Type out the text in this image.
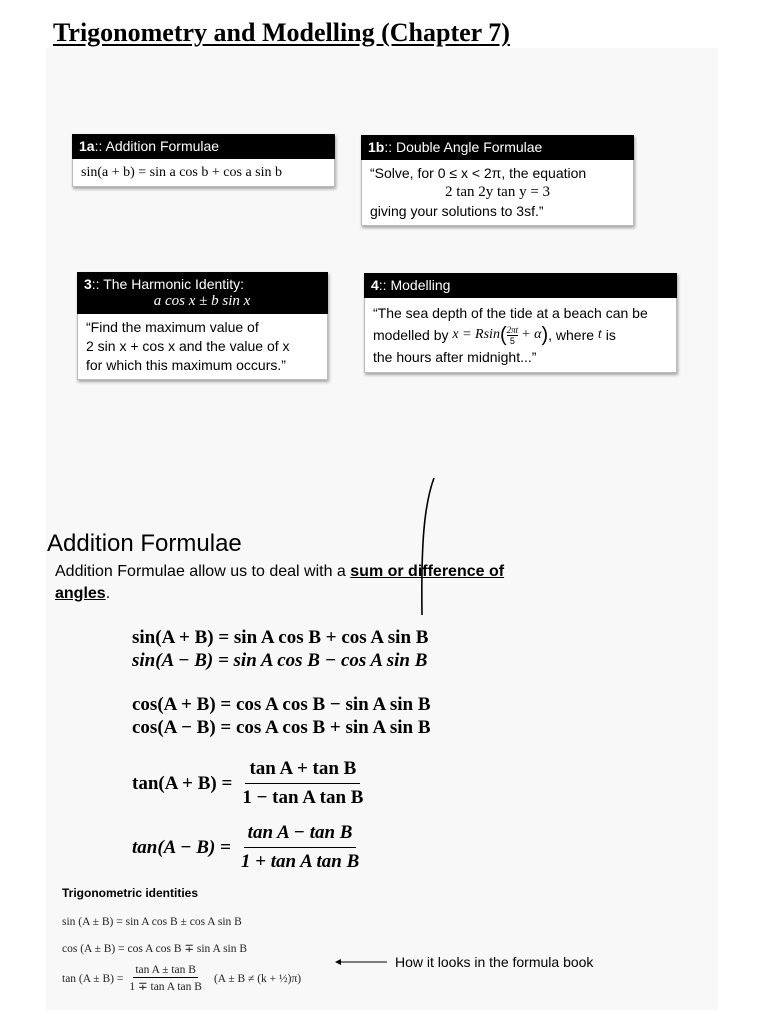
Trigonometry and Modelling (Chapter 7)
1a:: Addition Formulae
sin(a + b) = sin a cos b + cos a sin b
1b:: Double Angle Formulae
“Solve, for 0 ≤ x < 2π, the equation
2 tan 2y tan y = 3
giving your solutions to 3sf.”
3:: The Harmonic Identity:
a cos x ± b sin x
“Find the maximum value of
2 sin x + cos x and the value of x
for which this maximum occurs.”
4:: Modelling
“The sea depth of the tide at a beach can be
modelled by
x = Rsin ( 2πt
5 + α ) , where
t
is
the hours after midnight...”
Addition Formulae
Addition Formulae allow us to deal with a sum or difference of angles.
sin(A + B) = sin A cos B + cos A sin B
sin(A − B) = sin A cos B − cos A sin B
cos(A + B) = cos A cos B − sin A sin B
cos(A − B) = cos A cos B + sin A sin B
$\tan(A + B) = \frac{\text{tan A + tan B}}{\text{1 − tan A tan B}}$
$\tan(A - B) = \frac{\text{tan A − tan B}}{\text{1 + tan A tan B}}$
Trigonometric identities
sin (A ± B) = sin A cos B ± cos A sin B
cos (A ± B) = cos A cos B ∓ sin A sin B
$\tan (A \pm B) = \frac{\text{tan A ± tan B}}{\text{1 ∓ tan A tan B}} (A \pm B \ne (k$ + ½)π)
How it looks in the formula book
